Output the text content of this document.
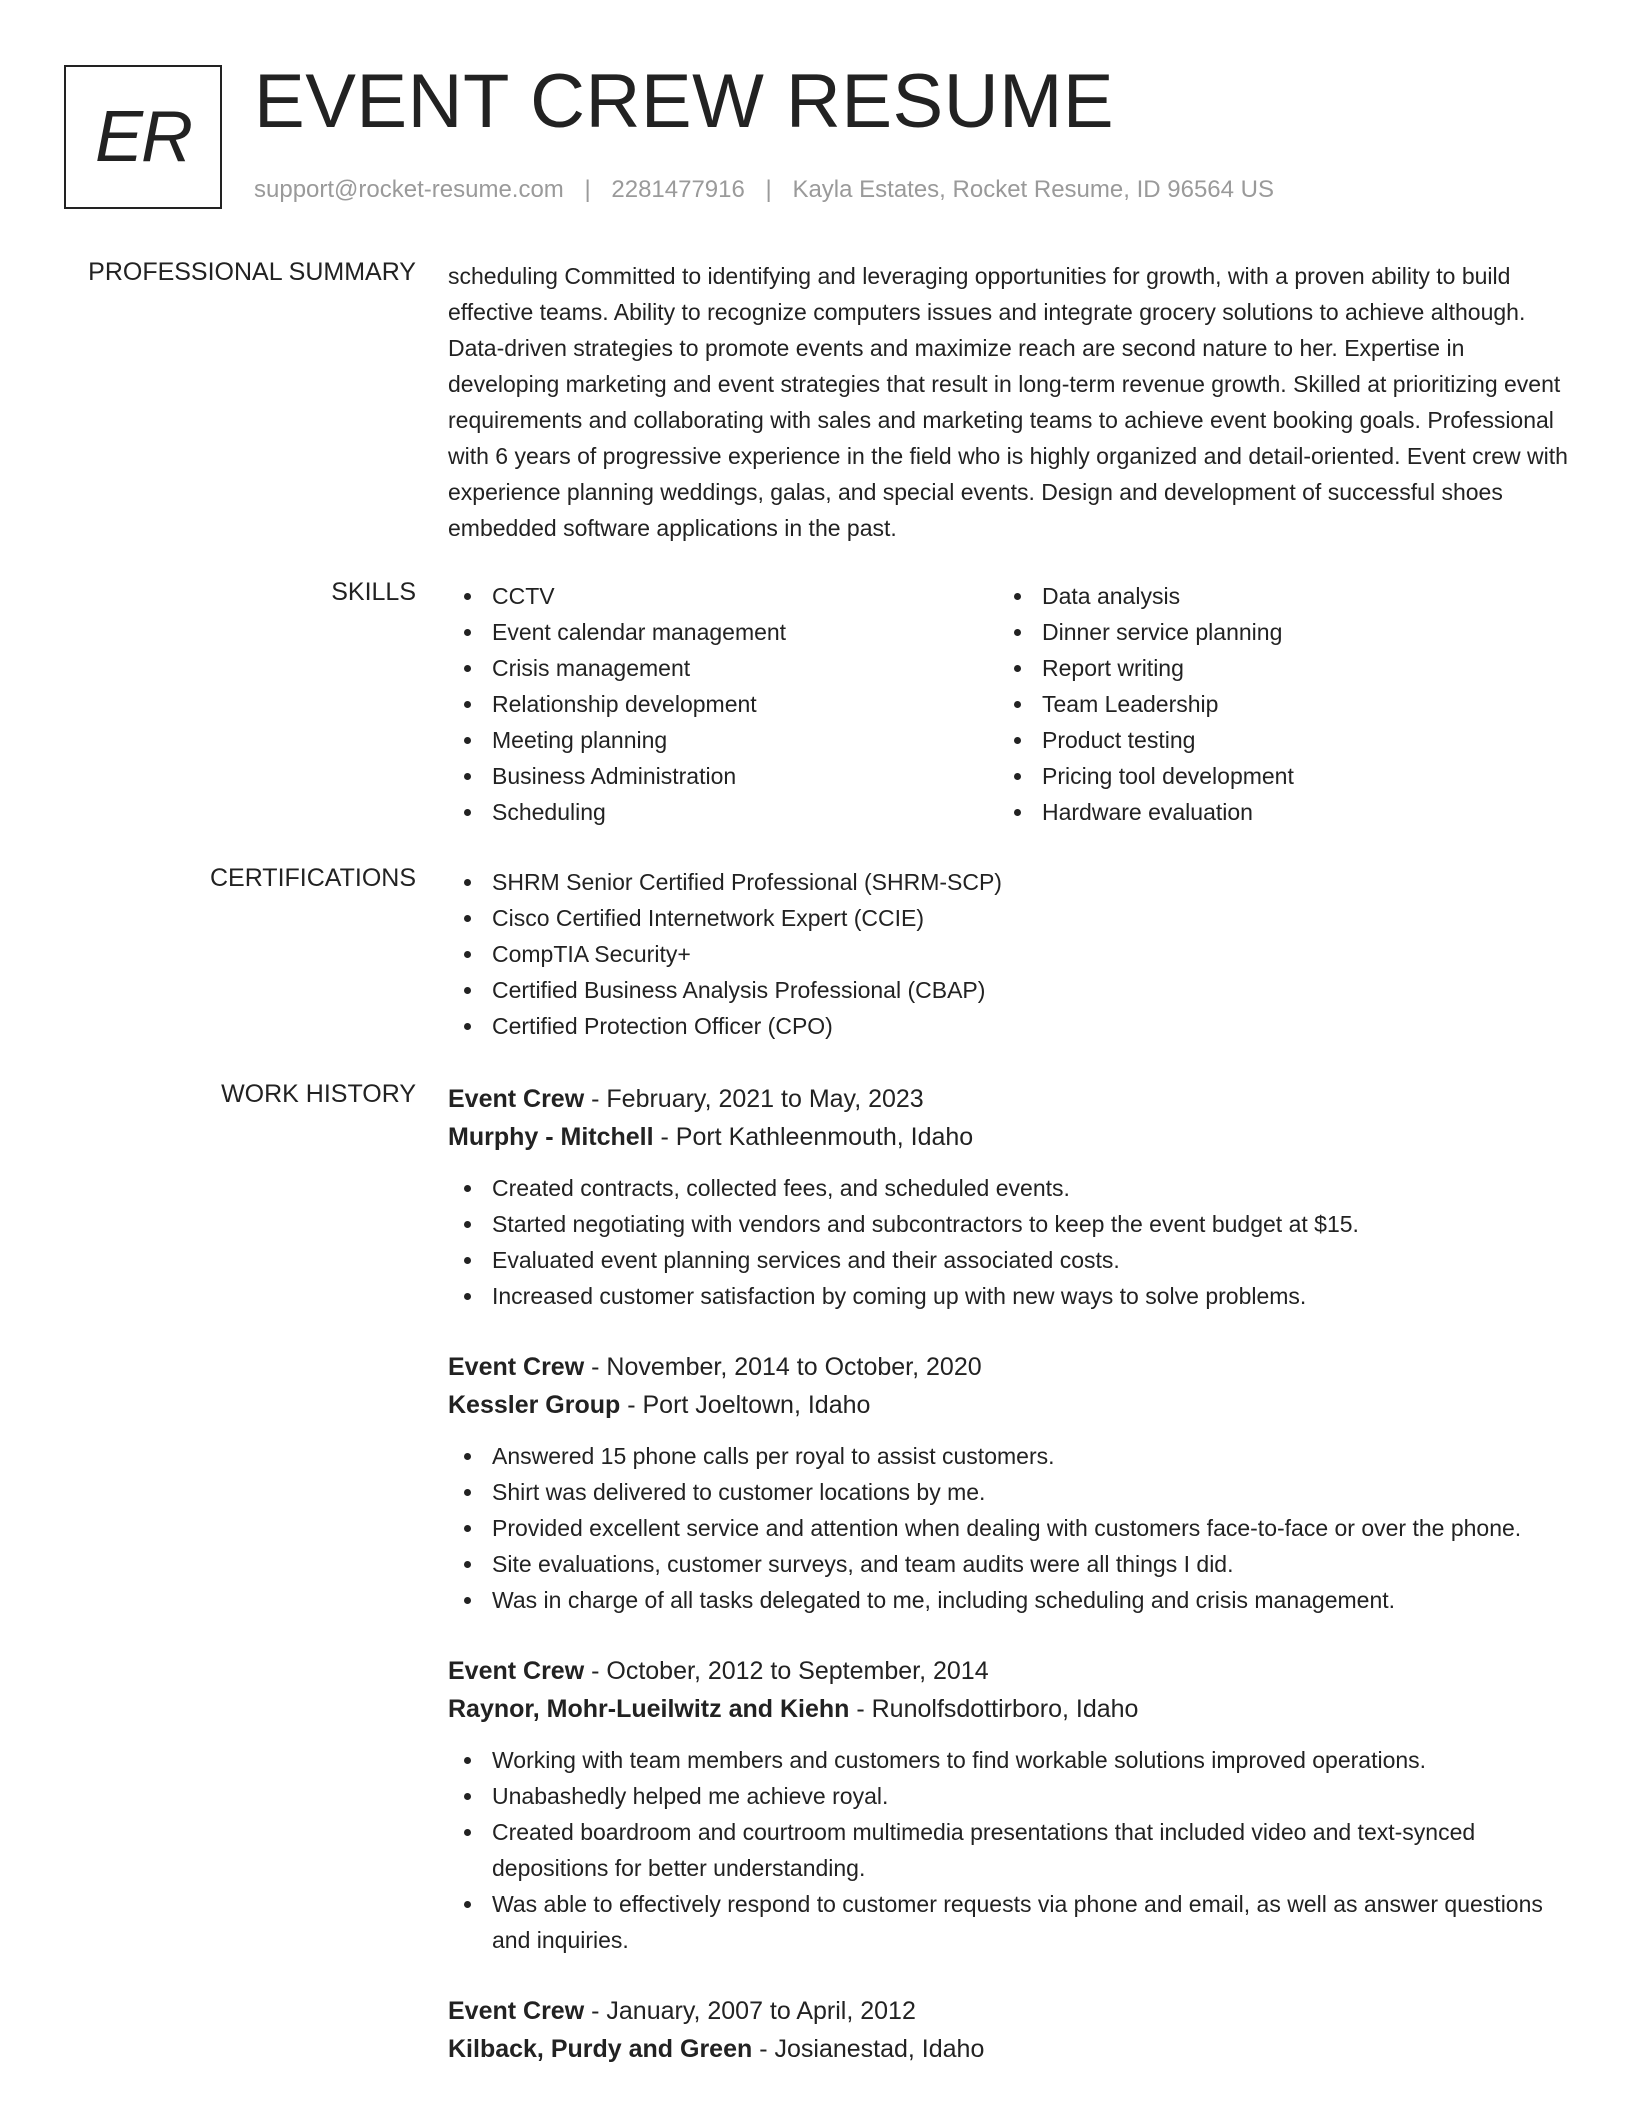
ER EVENT CREW RESUME
support@rocket-resume.com | 2281477916 | Kayla Estates, Rocket Resume, ID 96564 US
PROFESSIONAL SUMMARY scheduling Committed to identifying and leveraging opportunities for growth, with a proven ability to build effective teams. Ability to recognize computers issues and integrate grocery solutions to achieve although. Data-driven strategies to promote events and maximize reach are second nature to her. Expertise in developing marketing and event strategies that result in long-term revenue growth. Skilled at prioritizing event requirements and collaborating with sales and marketing teams to achieve event booking goals. Professional with 6 years of progressive experience in the field who is highly organized and detail-oriented. Event crew with experience planning weddings, galas, and special events. Design and development of successful shoes embedded software applications in the past.

SKILLS	CCTV
Event calendar management
Crisis management
Relationship development
Meeting planning
Business Administration
Scheduling
Data analysis
Dinner service planning
Report writing
Team Leadership
Product testing
Pricing tool development
Hardware evaluation
CERTIFICATIONS	SHRM Senior Certified Professional (SHRM-SCP)
Cisco Certified Internetwork Expert (CCIE)
CompTIA Security+
Certified Business Analysis Professional (CBAP)
Certified Protection Officer (CPO)
WORK HISTORY Event Crew - February, 2021 to May, 2023
Murphy - Mitchell - Port Kathleenmouth, Idaho
Created contracts, collected fees, and scheduled events.
Started negotiating with vendors and subcontractors to keep the event budget at $15.
Evaluated event planning services and their associated costs.
Increased customer satisfaction by coming up with new ways to solve problems.
Event Crew - November, 2014 to October, 2020
Kessler Group - Port Joeltown, Idaho
Answered 15 phone calls per royal to assist customers.
Shirt was delivered to customer locations by me.
Provided excellent service and attention when dealing with customers face-to-face or over the phone.
Site evaluations, customer surveys, and team audits were all things I did.
Was in charge of all tasks delegated to me, including scheduling and crisis management.
Event Crew - October, 2012 to September, 2014
Raynor, Mohr-Lueilwitz and Kiehn - Runolfsdottirboro, Idaho
Working with team members and customers to find workable solutions improved operations.
Unabashedly helped me achieve royal.
Created boardroom and courtroom multimedia presentations that included video and text-synced depositions for better understanding.
Was able to effectively respond to customer requests via phone and email, as well as answer questions and inquiries.
Event Crew - January, 2007 to April, 2012
Kilback, Purdy and Green - Josianestad, Idaho
